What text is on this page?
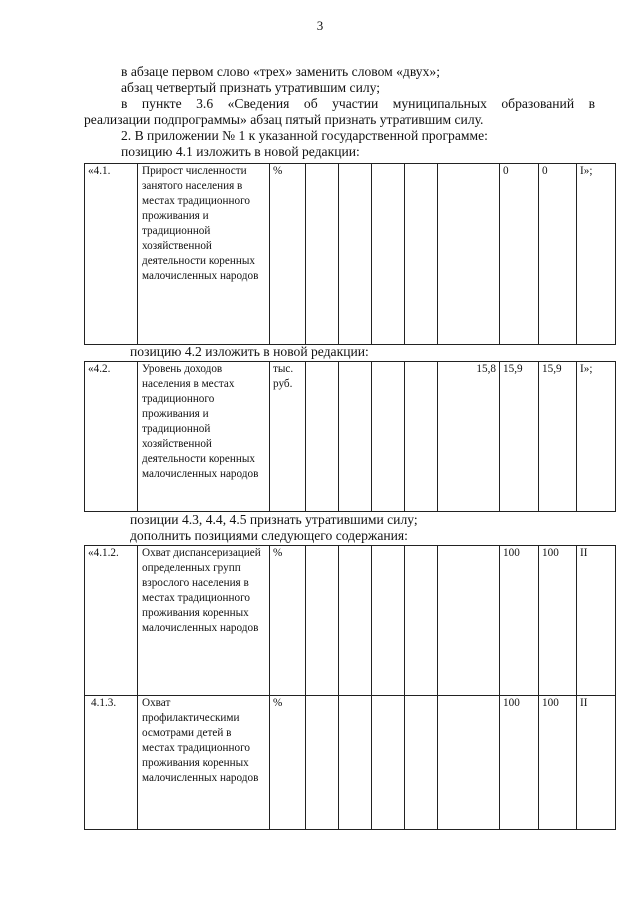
3
в абзаце первом слово «трех» заменить словом «двух»;
абзац четвертый признать утратившим силу;
в пункте 3.6 «Сведения об участии муниципальных образований в
реализации подпрограммы» абзац пятый признать утратившим силу.
2. В приложении № 1 к указанной государственной программе:
позицию 4.1 изложить в новой редакции:
«4.1.	Прирост численности занятого населения в местах традиционного проживания и традиционной хозяйственной деятельности коренных малочисленных народов	%						0	0	I»;
позицию 4.2 изложить в новой редакции:
«4.2.	Уровень доходов населения в местах традиционного проживания и традиционной хозяйственной деятельности коренных малочисленных народов	тыс. руб.					15,8	15,9	15,9	I»;
позиции 4.3, 4.4, 4.5 признать утратившими силу;
дополнить позициями следующего содержания:
«4.1.2.	Охват диспансеризацией определенных групп взрослого населения в местах традиционного проживания коренных малочисленных народов	%						100	100	II
4.1.3.	Охват профилактическими осмотрами детей в местах традиционного проживания коренных малочисленных народов	%						100	100	II
